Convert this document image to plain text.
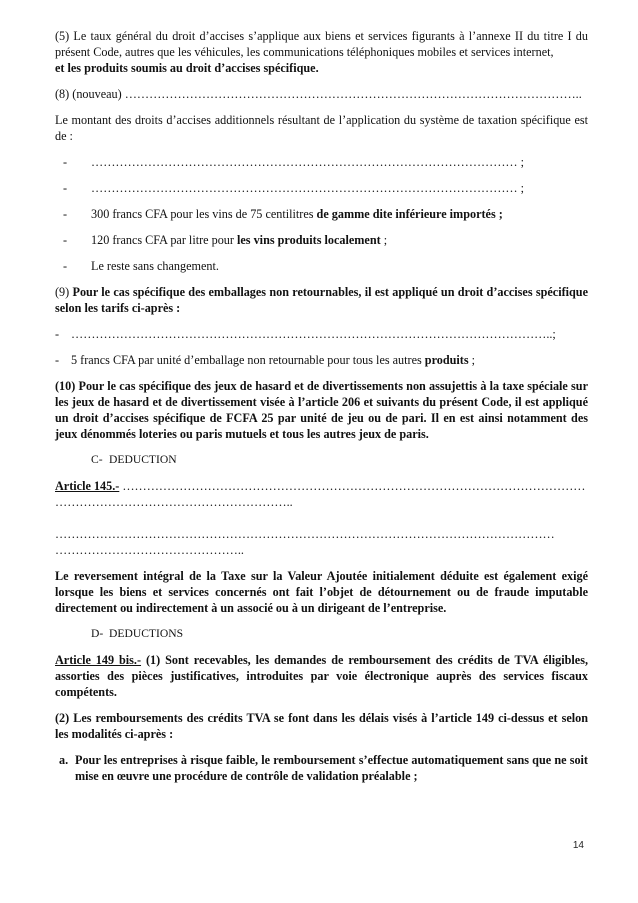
(5) Le taux général du droit d’accises s’applique aux biens et services figurants à l’annexe II du titre I du présent Code, autres que les véhicules, les communications téléphoniques mobiles et services internet,
et les produits soumis au droit d’accises spécifique.

(8) (nouveau) …………………………………………………………………………………………………..

Le montant des droits d’accises additionnels résultant de l’application du système de taxation spécifique est de :

-	…………………………………………………………………………………………… ;
-	…………………………………………………………………………………………… ;
-	300 francs CFA pour les vins de 75 centilitres de gamme dite inférieure importés ;
-	120 francs CFA par litre pour les vins produits localement ;
-	Le reste sans changement.

(9) Pour le cas spécifique des emballages non retournables, il est appliqué un droit d’accises spécifique selon les tarifs ci-après :

- ………………………………………………………………………………………………………..;
- 5 francs CFA par unité d’emballage non retournable pour tous les autres produits ;

(10) Pour le cas spécifique des jeux de hasard et de divertissements non assujettis à la taxe spéciale sur les jeux de hasard et de divertissement visée à l’article 206 et suivants du présent Code, il est appliqué un droit d’accises spécifique de FCFA 25 par unité de jeu ou de pari. Il en est ainsi notamment des jeux dénommés loteries ou paris mutuels et tous les autres jeux de paris.

C- DEDUCTION

Article 145.- ……………………………………………………………………………………………………
…………………………………………………..

……………………………………………………………………………………………………………
………………………………………..

Le reversement intégral de la Taxe sur la Valeur Ajoutée initialement déduite est également exigé lorsque les biens et services concernés ont fait l’objet de détournement ou de fraude imputable directement ou indirectement à un associé ou à un dirigeant de l’entreprise.

D- DEDUCTIONS

Article 149 bis.- (1) Sont recevables, les demandes de remboursement des crédits de TVA éligibles, assorties des pièces justificatives, introduites par voie électronique auprès des services fiscaux compétents.

(2) Les remboursements des crédits TVA se font dans les délais visés à l’article 149 ci-dessus et selon les modalités ci-après :

a. Pour les entreprises à risque faible, le remboursement s’effectue automatiquement sans que ne soit mise en œuvre une procédure de contrôle de validation préalable ;
14
